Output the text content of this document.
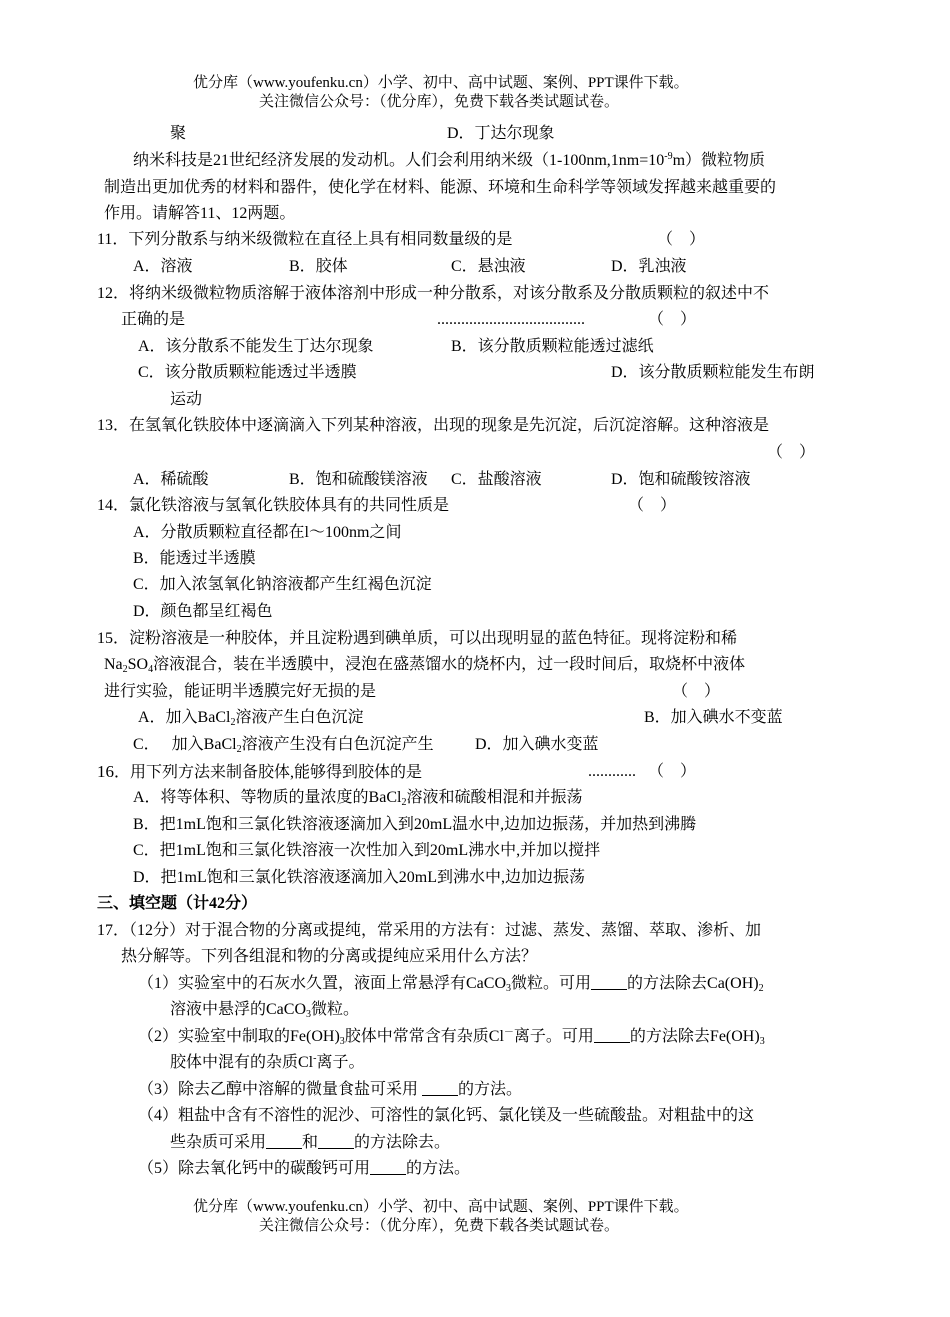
优分库（www.youfenku.cn）小学、初中、高中试题、案例、PPT课件下载。
关注微信公众号：（优分库），免费下载各类试题试卷。
聚	D．丁达尔现象
纳米科技是21世纪经济发展的发动机。人们会利用纳米级$(1-100nm,1nm=10^{-9}m)$微粒物质
制造出更加优秀的材料和器件，使化学在材料、能源、环境和生命科学等领域发挥越来越重要的
作用。请解答11、12两题。
11．下列分散系与纳米级微粒在直径上具有相同数量级的是	（　）
A．溶液	B．胶体	C．悬浊液	D．乳浊液
12．将纳米级微粒物质溶解于液体溶剂中形成一种分散系，对该分散系及分散质颗粒的叙述中不
正确的是	.....................................	（　）
A．该分散系不能发生丁达尔现象	B．该分散质颗粒能透过滤纸
C．该分散质颗粒能透过半透膜	D．该分散质颗粒能发生布朗
运动
13．在氢氧化铁胶体中逐滴滴入下列某种溶液，出现的现象是先沉淀，后沉淀溶解。这种溶液是
（　）
A．稀硫酸	B．饱和硫酸镁溶液 C．盐酸溶液	D．饱和硫酸铵溶液
14．氯化铁溶液与氢氧化铁胶体具有的共同性质是	（　）
A．分散质颗粒直径都在l～100nm之间
B．能透过半透膜
C．加入浓氢氧化钠溶液都产生红褐色沉淀
D．颜色都呈红褐色
15．淀粉溶液是一种胶体，并且淀粉遇到碘单质，可以出现明显的蓝色特征。现将淀粉和稀
$Na_2SO_4$溶液混合，装在半透膜中，浸泡在盛蒸馏水的烧杯内，过一段时间后，取烧杯中液体
进行实验，能证明半透膜完好无损的是	（　）
A．加入BaCl$_2$溶液产生白色沉淀	B．加入碘水不变蓝
C．　 加入BaCl$_2$溶液产生没有白色沉淀产生	D．加入碘水变蓝
16．用下列方法来制备胶体,能够得到胶体的是	............ （　）
A．将等体积、等物质的量浓度的BaCl$_2$溶液和硫酸相混和并振荡
B．把1mL饱和三氯化铁溶液逐滴加入到20mL温水中,边加边振荡，并加热到沸腾
C．把1mL饱和三氯化铁溶液一次性加入到20mL沸水中,并加以搅拌
D．把1mL饱和三氯化铁溶液逐滴加入20mL到沸水中,边加边振荡
三、填空题（计42分）
17．（12分）对于混合物的分离或提纯，常采用的方法有：过滤、蒸发、蒸馏、萃取、渗析、加
热分解等。下列各组混和物的分离或提纯应采用什么方法？
（1）实验室中的石灰水久置，液面上常悬浮有CaCO$_3$微粒。可用 的方法除去$Ca(OH)_2$
溶液中悬浮的CaCO$_3$微粒。
（2）实验室中制取的$Fe(OH)_3$胶体中常常含有杂质Cl－离子。可用 的方法除去$Fe(OH)_3$
胶体中混有的杂质Cl-离子。
（3）除去乙醇中溶解的微量食盐可采用 的方法。
（4）粗盐中含有不溶性的泥沙、可溶性的氯化钙、氯化镁及一些硫酸盐。对粗盐中的这
些杂质可采用 和 的方法除去。
（5）除去氧化钙中的碳酸钙可用 的方法。
优分库（www.youfenku.cn）小学、初中、高中试题、案例、PPT课件下载。
关注微信公众号：（优分库），免费下载各类试题试卷。
